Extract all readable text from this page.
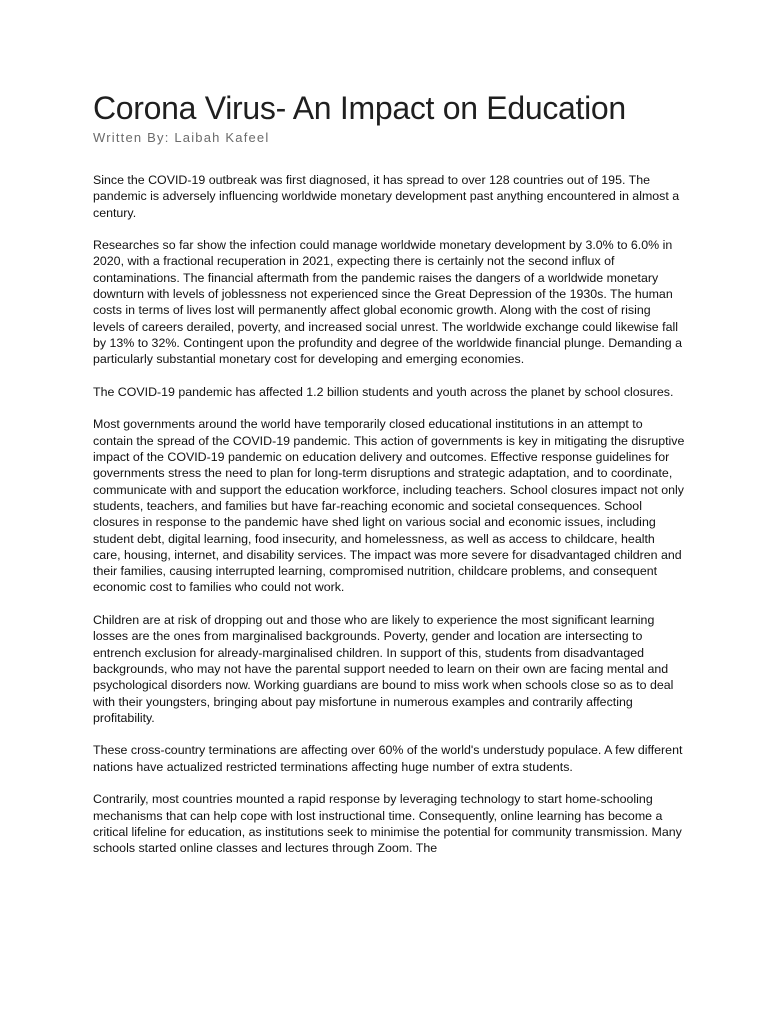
Corona Virus- An Impact on Education
Written By: Laibah Kafeel

Since the COVID-19 outbreak was first diagnosed, it has spread to over 128 countries out of 195. The pandemic is adversely influencing worldwide monetary development past anything encountered in almost a century.

Researches so far show the infection could manage worldwide monetary development by 3.0% to 6.0% in 2020, with a fractional recuperation in 2021, expecting there is certainly not the second influx of contaminations. The financial aftermath from the pandemic raises the dangers of a worldwide monetary downturn with levels of joblessness not experienced since the Great Depression of the 1930s. The human costs in terms of lives lost will permanently affect global economic growth. Along with the cost of rising levels of careers derailed, poverty, and increased social unrest. The worldwide exchange could likewise fall by 13% to 32%. Contingent upon the profundity and degree of the worldwide financial plunge. Demanding a particularly substantial monetary cost for developing and emerging economies.

The COVID-19 pandemic has affected 1.2 billion students and youth across the planet by school closures.

Most governments around the world have temporarily closed educational institutions in an attempt to contain the spread of the COVID-19 pandemic. This action of governments is key in mitigating the disruptive impact of the COVID-19 pandemic on education delivery and outcomes. Effective response guidelines for governments stress the need to plan for long-term disruptions and strategic adaptation, and to coordinate, communicate with and support the education workforce, including teachers. School closures impact not only students, teachers, and families but have far-reaching economic and societal consequences. School closures in response to the pandemic have shed light on various social and economic issues, including student debt, digital learning, food insecurity, and homelessness, as well as access to childcare, health care, housing, internet, and disability services. The impact was more severe for disadvantaged children and their families, causing interrupted learning, compromised nutrition, childcare problems, and consequent economic cost to families who could not work.

Children are at risk of dropping out and those who are likely to experience the most significant learning losses are the ones from marginalised backgrounds. Poverty, gender and location are intersecting to entrench exclusion for already-marginalised children. In support of this, students from disadvantaged backgrounds, who may not have the parental support needed to learn on their own are facing mental and psychological disorders now. Working guardians are bound to miss work when schools close so as to deal with their youngsters, bringing about pay misfortune in numerous examples and contrarily affecting profitability.

These cross-country terminations are affecting over 60% of the world's understudy populace. A few different nations have actualized restricted terminations affecting huge number of extra students.

Contrarily, most countries mounted a rapid response by leveraging technology to start home-schooling mechanisms that can help cope with lost instructional time. Consequently, online learning has become a critical lifeline for education, as institutions seek to minimise the potential for community transmission. Many schools started online classes and lectures through Zoom. The
